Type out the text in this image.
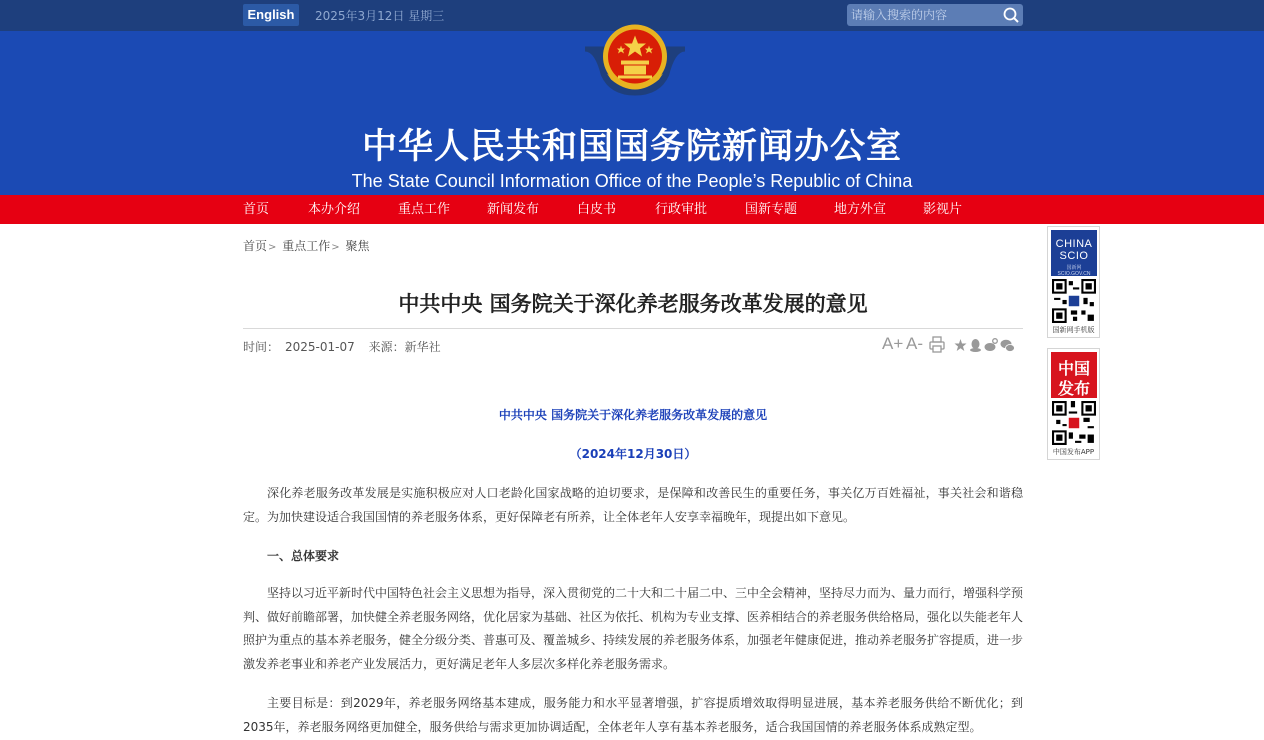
English	2025年3月12日 星期三
请输入搜索的内容
中华人民共和国国务院新闻办公室
The State Council Information Office of the People’s Republic of China
首页	本办介绍	重点工作	新闻发布	白皮书	行政审批	国新专题	地方外宣	影视片
首页> 重点工作> 聚焦
中共中央 国务院关于深化养老服务改革发展的意见
时间： 2025-01-07 来源：新华社	A+ A-
中共中央 国务院关于深化养老服务改革发展的意见
（2024年12月30日）
深化养老服务改革发展是实施积极应对人口老龄化国家战略的迫切要求，是保障和改善民生的重要任务，事关亿万百姓福祉，事关社会和谐稳定。为加快建设适合我国国情的养老服务体系，更好保障老有所养，让全体老年人安享幸福晚年，现提出如下意见。
一、总体要求
坚持以习近平新时代中国特色社会主义思想为指导，深入贯彻党的二十大和二十届二中、三中全会精神，坚持尽力而为、量力而行，增强科学预判、做好前瞻部署，加快健全养老服务网络，优化居家为基础、社区为依托、机构为专业支撑、医养相结合的养老服务供给格局，强化以失能老年人照护为重点的基本养老服务，健全分级分类、普惠可及、覆盖城乡、持续发展的养老服务体系，加强老年健康促进，推动养老服务扩容提质，进一步激发养老事业和养老产业发展活力，更好满足老年人多层次多样化养老服务需求。
主要目标是：到2029年，养老服务网络基本建成，服务能力和水平显著增强，扩容提质增效取得明显进展，基本养老服务供给不断优化；到2035年，养老服务网络更加健全，服务供给与需求更加协调适配，全体老年人享有基本养老服务，适合我国国情的养老服务体系成熟定型。
CHINA
SCIO
国新网 SCIO.GOV.CN
国新网手机版
中国
发布
中国发布APP
